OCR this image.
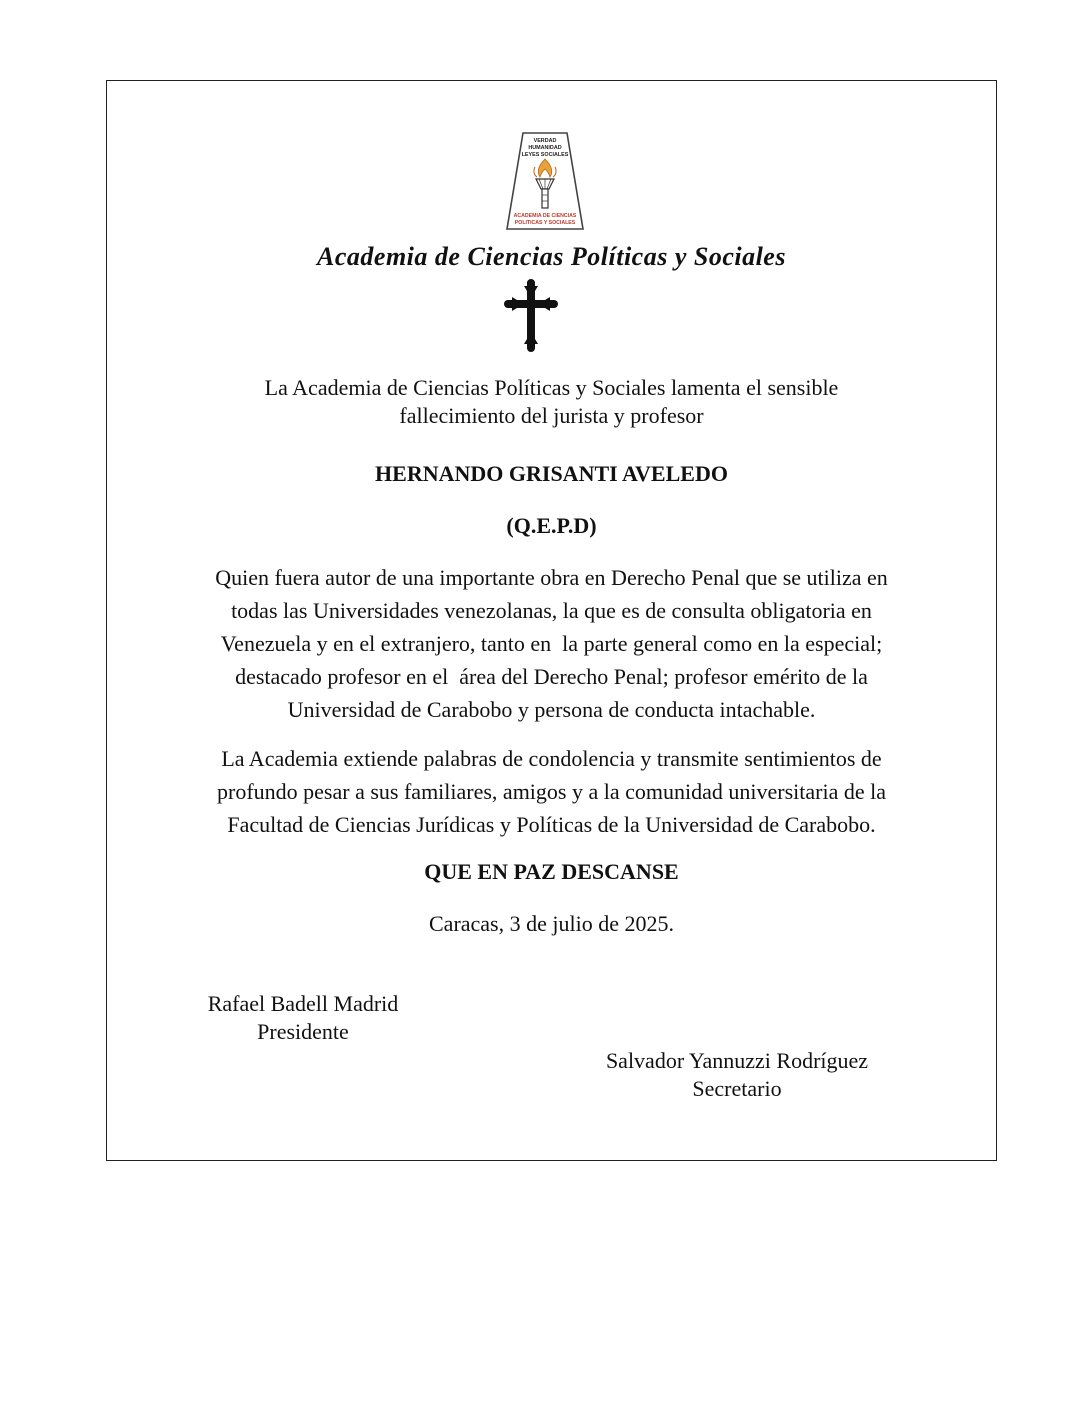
VERDAD
HUMANIDAD
LEYES SOCIALES
ACADEMIA DE CIENCIAS
POLITICAS Y SOCIALES
Academia de Ciencias Políticas y Sociales
La Academia de Ciencias Políticas y Sociales lamenta el sensible
fallecimiento del jurista y profesor
HERNANDO GRISANTI AVELEDO
(Q.E.P.D)
Quien fuera autor de una importante obra en Derecho Penal que se utiliza en
todas las Universidades venezolanas, la que es de consulta obligatoria en
Venezuela y en el extranjero, tanto en  la parte general como en la especial;
destacado profesor en el  área del Derecho Penal; profesor emérito de la
Universidad de Carabobo y persona de conducta intachable.
La Academia extiende palabras de condolencia y transmite sentimientos de
profundo pesar a sus familiares, amigos y a la comunidad universitaria de la
Facultad de Ciencias Jurídicas y Políticas de la Universidad de Carabobo.
QUE EN PAZ DESCANSE
Caracas, 3 de julio de 2025.
Rafael Badell Madrid
Presidente
Salvador Yannuzzi Rodríguez
Secretario
